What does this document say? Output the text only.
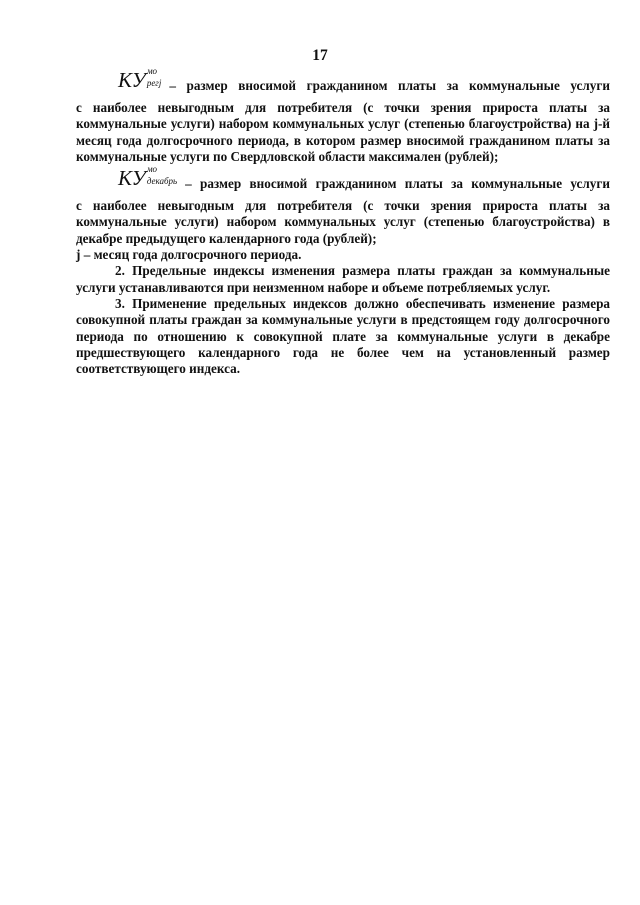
17
КУ мо
регj – размер вносимой гражданином платы за коммунальные услуги

с наиболее невыгодным для потребителя (с точки зрения прироста платы за коммунальные услуги) набором коммунальных услуг (степенью благоустройства) на j-й месяц года долгосрочного периода, в котором размер вносимой гражданином платы за коммунальные услуги по Свердловской области максимален (рублей);

КУ мо
декабрь – размер вносимой гражданином платы за коммунальные услуги

с наиболее невыгодным для потребителя (с точки зрения прироста платы за коммунальные услуги) набором коммунальных услуг (степенью благоустройства) в декабре предыдущего календарного года (рублей);

j – месяц года долгосрочного периода.

2. Предельные индексы изменения размера платы граждан за коммунальные услуги устанавливаются при неизменном наборе и объеме потребляемых услуг.

3. Применение предельных индексов должно обеспечивать изменение размера совокупной платы граждан за коммунальные услуги в предстоящем году долгосрочного периода по отношению к совокупной плате за коммунальные услуги в декабре предшествующего календарного года не более чем на установленный размер соответствующего индекса.
